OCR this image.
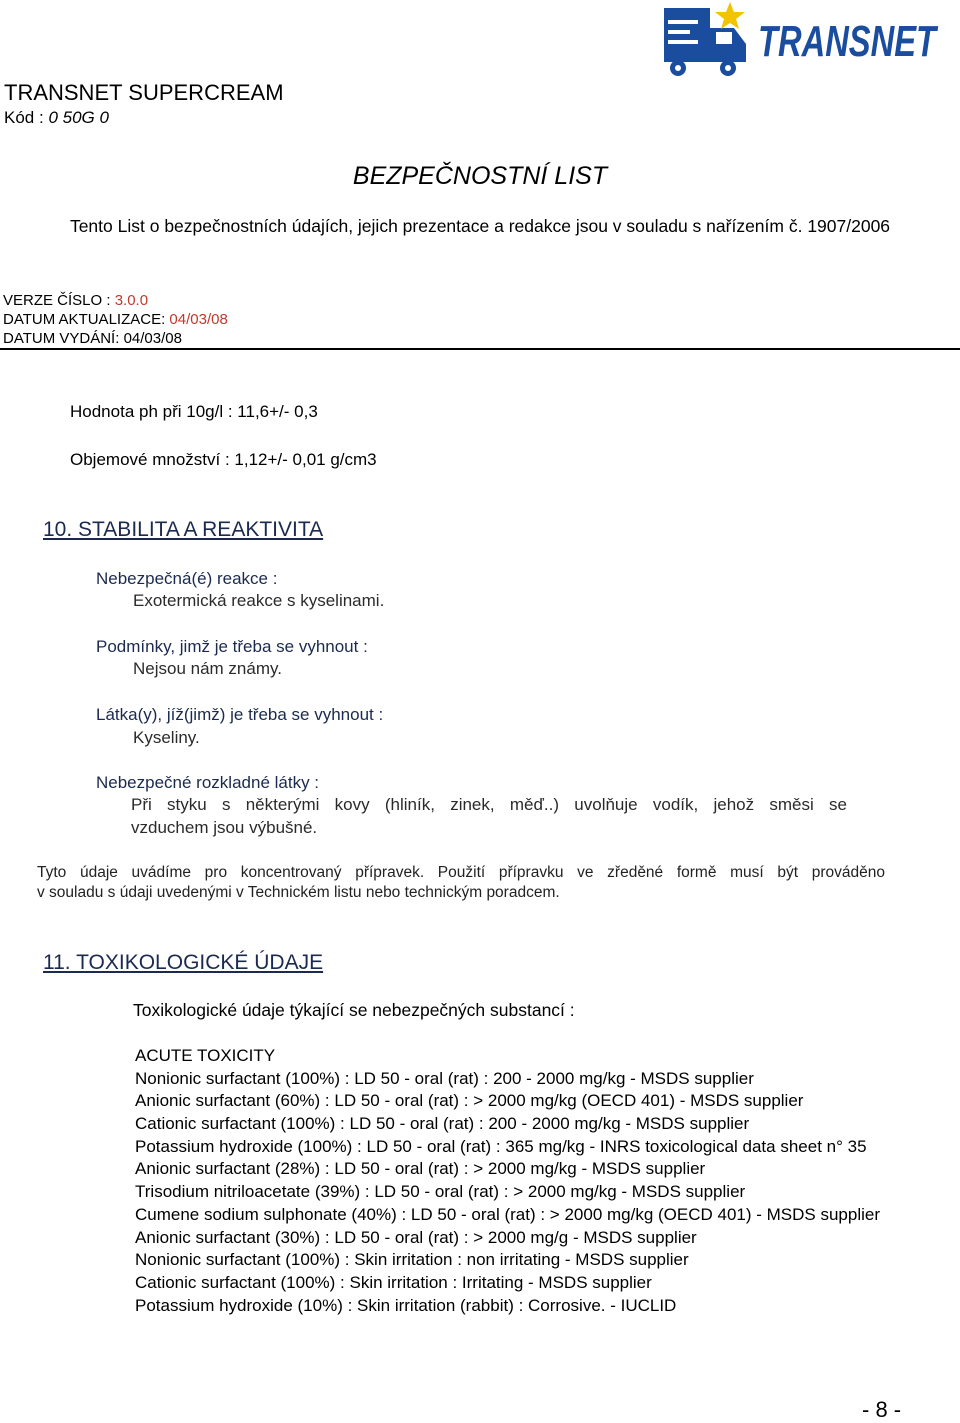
TRANSNET
TRANSNET SUPERCREAM
Kód : 0 50G 0
BEZPEČNOSTNÍ LIST
Tento List o bezpečnostních údajích, jejich prezentace a redakce jsou v souladu s nařízením č. 1907/2006
VERZE ČÍSLO : 3.0.0
DATUM AKTUALIZACE: 04/03/08
DATUM VYDÁNÍ: 04/03/08
Hodnota ph při 10g/l : 11,6+/- 0,3
Objemové množství : 1,12+/- 0,01 g/cm3
10. STABILITA A REAKTIVITA
Nebezpečná(é) reakce :
Exotermická reakce s kyselinami.
Podmínky, jimž je třeba se vyhnout :
Nejsou nám známy.
Látka(y), jíž(jimž) je třeba se vyhnout :
Kyseliny.
Nebezpečné rozkladné látky :
Při styku s některými kovy (hliník, zinek, měď..) uvolňuje vodík, jehož směsi se
vzduchem jsou výbušné.
Tyto údaje uvádíme pro koncentrovaný přípravek. Použití přípravku ve zředěné formě musí být prováděno
v souladu s údaji uvedenými v Technickém listu nebo technickým poradcem.
11. TOXIKOLOGICKÉ ÚDAJE
Toxikologické údaje týkající se nebezpečných substancí :
ACUTE TOXICITY
Nonionic surfactant (100%) : LD 50 - oral (rat) : 200 - 2000 mg/kg - MSDS supplier
Anionic surfactant (60%) : LD 50 - oral (rat) : > 2000 mg/kg (OECD 401) - MSDS supplier
Cationic surfactant (100%) : LD 50 - oral (rat) : 200 - 2000 mg/kg - MSDS supplier
Potassium hydroxide (100%) : LD 50 - oral (rat) : 365 mg/kg - INRS toxicological data sheet n° 35
Anionic surfactant (28%) : LD 50 - oral (rat) : > 2000 mg/kg - MSDS supplier
Trisodium nitriloacetate (39%) : LD 50 - oral (rat) : > 2000 mg/kg - MSDS supplier
Cumene sodium sulphonate (40%) : LD 50 - oral (rat) : > 2000 mg/kg (OECD 401) - MSDS supplier
Anionic surfactant (30%) : LD 50 - oral (rat) : > 2000 mg/g - MSDS supplier
Nonionic surfactant (100%) : Skin irritation : non irritating - MSDS supplier
Cationic surfactant (100%) : Skin irritation : Irritating - MSDS supplier
Potassium hydroxide (10%) : Skin irritation (rabbit) : Corrosive. - IUCLID
- 8 -
